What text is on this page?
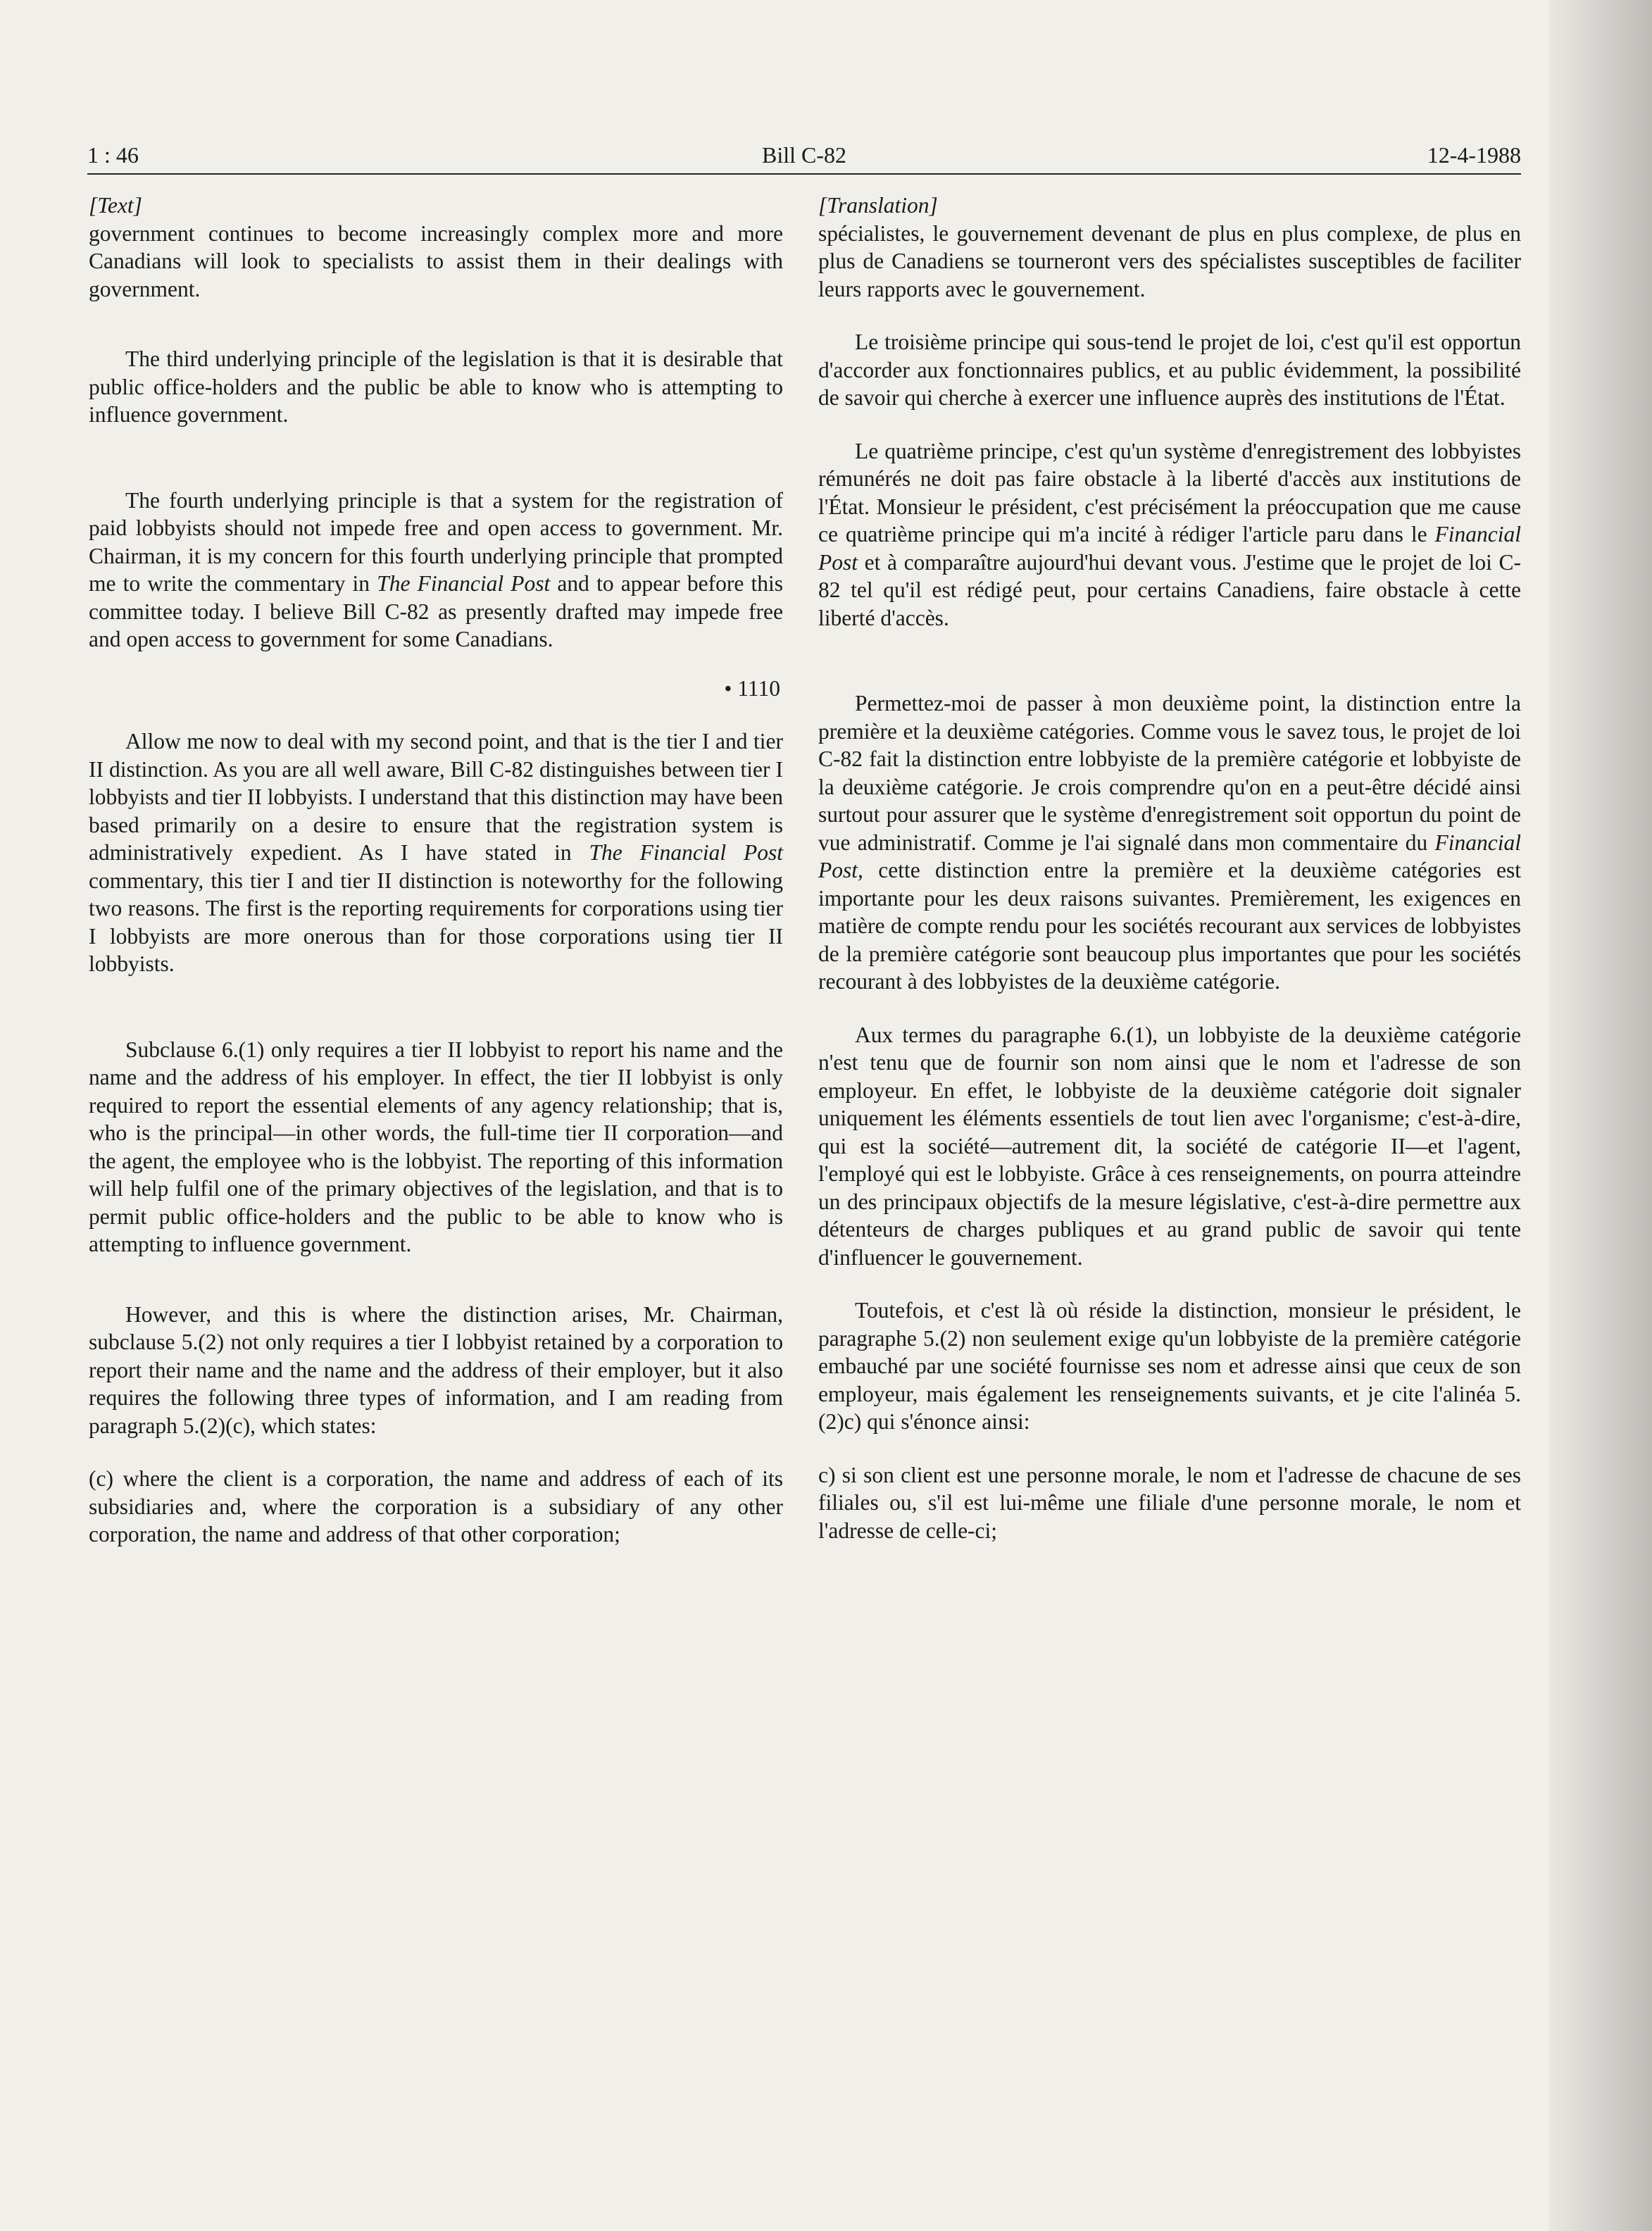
1 : 46	Bill C-82	12-4-1988

[Text]

government continues to become increasingly complex more and more Canadians will look to specialists to assist them in their dealings with government.

The third underlying principle of the legislation is that it is desirable that public office-holders and the public be able to know who is attempting to influence government.

The fourth underlying principle is that a system for the registration of paid lobbyists should not impede free and open access to government. Mr. Chairman, it is my concern for this fourth underlying principle that prompted me to write the commentary in The Financial Post and to appear before this committee today. I believe Bill C-82 as presently drafted may impede free and open access to government for some Canadians.

• 1110

Allow me now to deal with my second point, and that is the tier I and tier II distinction. As you are all well aware, Bill C-82 distinguishes between tier I lobbyists and tier II lobbyists. I understand that this distinction may have been based primarily on a desire to ensure that the registration system is administratively expedient. As I have stated in The Financial Post commentary, this tier I and tier II distinction is noteworthy for the following two reasons. The first is the reporting requirements for corporations using tier I lobbyists are more onerous than for those corporations using tier II lobbyists.

Subclause 6.(1) only requires a tier II lobbyist to report his name and the name and the address of his employer. In effect, the tier II lobbyist is only required to report the essential elements of any agency relationship; that is, who is the principal—in other words, the full-time tier II corporation—and the agent, the employee who is the lobbyist. The reporting of this information will help fulfil one of the primary objectives of the legislation, and that is to permit public office-holders and the public to be able to know who is attempting to influence government.

However, and this is where the distinction arises, Mr. Chairman, subclause 5.(2) not only requires a tier I lobbyist retained by a corporation to report their name and the name and the address of their employer, but it also requires the following three types of information, and I am reading from paragraph 5.(2)(c), which states:

(c) where the client is a corporation, the name and address of each of its subsidiaries and, where the corporation is a subsidiary of any other corporation, the name and address of that other corporation;

[Translation]

spécialistes, le gouvernement devenant de plus en plus complexe, de plus en plus de Canadiens se tourneront vers des spécialistes susceptibles de faciliter leurs rapports avec le gouvernement.

Le troisième principe qui sous-tend le projet de loi, c'est qu'il est opportun d'accorder aux fonctionnaires publics, et au public évidemment, la possibilité de savoir qui cherche à exercer une influence auprès des institutions de l'État.

Le quatrième principe, c'est qu'un système d'enregistrement des lobbyistes rémunérés ne doit pas faire obstacle à la liberté d'accès aux institutions de l'État. Monsieur le président, c'est précisément la préoccupation que me cause ce quatrième principe qui m'a incité à rédiger l'article paru dans le Financial Post et à comparaître aujourd'hui devant vous. J'estime que le projet de loi C-82 tel qu'il est rédigé peut, pour certains Canadiens, faire obstacle à cette liberté d'accès.

Permettez-moi de passer à mon deuxième point, la distinction entre la première et la deuxième catégories. Comme vous le savez tous, le projet de loi C-82 fait la distinction entre lobbyiste de la première catégorie et lobbyiste de la deuxième catégorie. Je crois comprendre qu'on en a peut-être décidé ainsi surtout pour assurer que le système d'enregistrement soit opportun du point de vue administratif. Comme je l'ai signalé dans mon commentaire du Financial Post, cette distinction entre la première et la deuxième catégories est importante pour les deux raisons suivantes. Premièrement, les exigences en matière de compte rendu pour les sociétés recourant aux services de lobbyistes de la première catégorie sont beaucoup plus importantes que pour les sociétés recourant à des lobbyistes de la deuxième catégorie.

Aux termes du paragraphe 6.(1), un lobbyiste de la deuxième catégorie n'est tenu que de fournir son nom ainsi que le nom et l'adresse de son employeur. En effet, le lobbyiste de la deuxième catégorie doit signaler uniquement les éléments essentiels de tout lien avec l'organisme; c'est-à-dire, qui est la société—autrement dit, la société de catégorie II—et l'agent, l'employé qui est le lobbyiste. Grâce à ces renseignements, on pourra atteindre un des principaux objectifs de la mesure législative, c'est-à-dire permettre aux détenteurs de charges publiques et au grand public de savoir qui tente d'influencer le gouvernement.

Toutefois, et c'est là où réside la distinction, monsieur le président, le paragraphe 5.(2) non seulement exige qu'un lobbyiste de la première catégorie embauché par une société fournisse ses nom et adresse ainsi que ceux de son employeur, mais également les renseignements suivants, et je cite l'alinéa 5.(2)c) qui s'énonce ainsi:

c) si son client est une personne morale, le nom et l'adresse de chacune de ses filiales ou, s'il est lui-même une filiale d'une personne morale, le nom et l'adresse de celle-ci;
